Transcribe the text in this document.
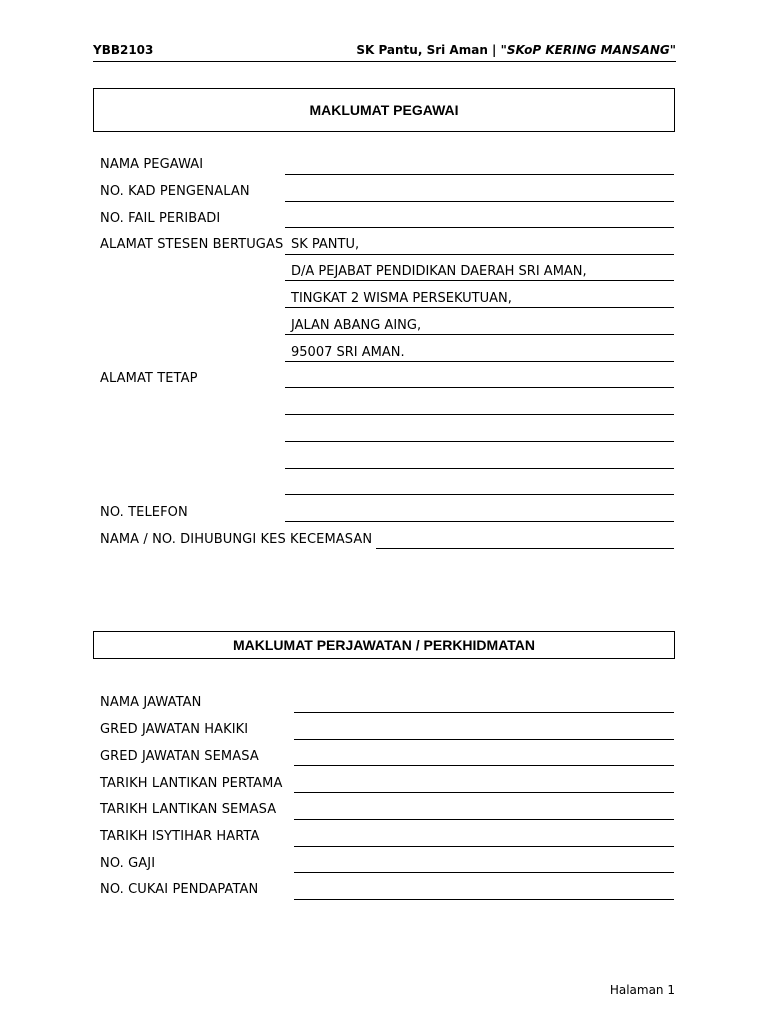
YBB2103	SK Pantu, Sri Aman | "SKoP KERING MANSANG"
MAKLUMAT PEGAWAI
NAMA PEGAWAI
NO. KAD PENGENALAN
NO. FAIL PERIBADI
ALAMAT STESEN BERTUGAS SK PANTU,
D/A PEJABAT PENDIDIKAN DAERAH SRI AMAN,
TINGKAT 2 WISMA PERSEKUTUAN,
JALAN ABANG AING,
95007 SRI AMAN.
ALAMAT TETAP
NO. TELEFON
NAMA / NO. DIHUBUNGI KES KECEMASAN
MAKLUMAT PERJAWATAN / PERKHIDMATAN
NAMA JAWATAN
GRED JAWATAN HAKIKI
GRED JAWATAN SEMASA
TARIKH LANTIKAN PERTAMA
TARIKH LANTIKAN SEMASA
TARIKH ISYTIHAR HARTA
NO. GAJI
NO. CUKAI PENDAPATAN
Halaman 1
